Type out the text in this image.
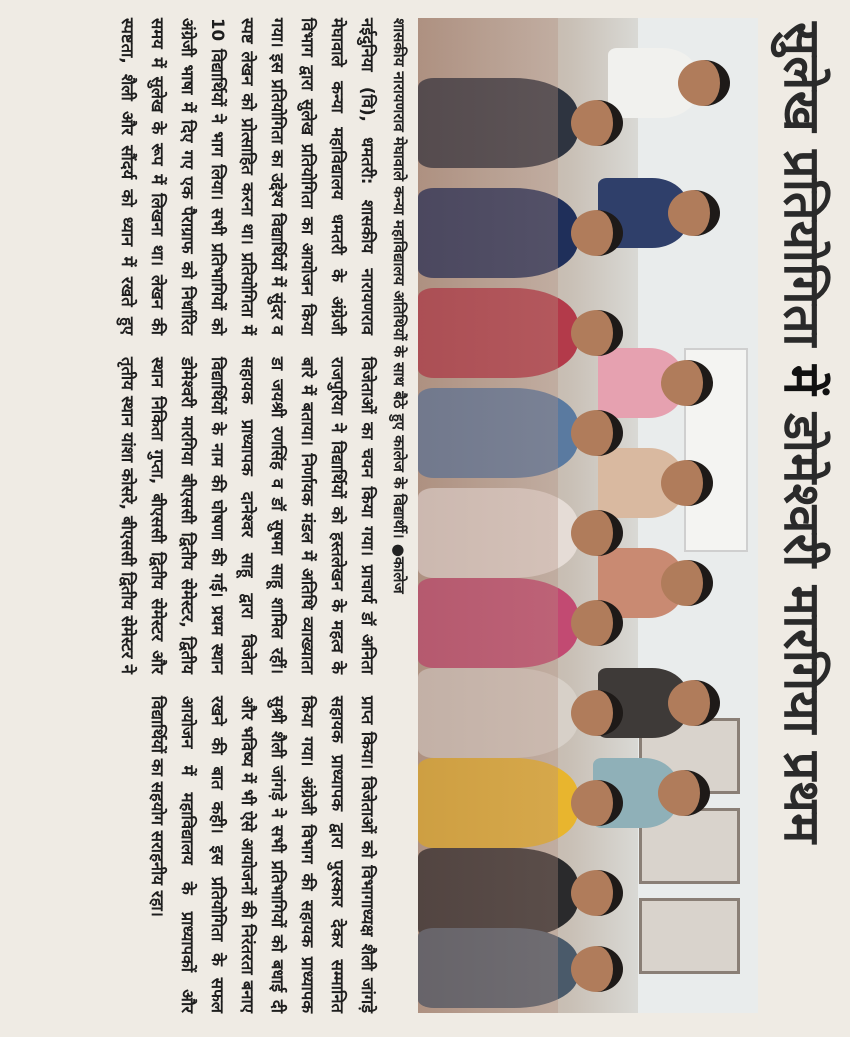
सुलेख प्रतियोगिता में डोमेश्वरी मारगिया प्रथम
शासकीय नारायणराव मेघावाले कन्या महाविद्यालय अतिथियों के साथ बैठे हुए कालेज के विद्यार्थी। ●कालेज

नईदुनिया (वि), धमतरी: शासकीय नारायणराव मेघावाले कन्या महाविद्यालय धमतरी के अंग्रेजी विभाग द्वारा सुलेख प्रतियोगिता का आयोजन किया गया। इस प्रतियोगिता का उद्देश्य विद्यार्थियों में सुंदर व स्पष्ट लेखन को प्रोत्साहित करना था। प्रतियोगिता में 10 विद्यार्थियों ने भाग लिया। सभी प्रतिभागियों को अंग्रेजी भाषा में दिए गए एक पैराग्राफ को निर्धारित समय में सुलेख के रूप में लिखना था। लेखन की स्पष्टता, शैली और सौंदर्य को ध्यान में रखते हुए विजेताओं का चयन किया गया। प्राचार्य डॉ अनिता राजपुरिया ने विद्यार्थियों को हस्तलेखन के महत्व के बारे में बताया। निर्णायक मंडल में अतिथि व्याख्याता डा जयश्री रणसिंह व डॉ सुषमा साहू शामिल रहीं। सहायक प्राध्यापक दानेश्वर साहू द्वारा विजेता विद्यार्थियों के नाम की घोषणा की गई। प्रथम स्थान डोमेश्वरी मारगिया बीएससी द्वितीय सेमेस्टर, द्वितीय स्थान निकिता गुप्ता, बीएससी द्वितीय सेमेस्टर और तृतीय स्थान यांशा कोसरे, बीएससी द्वितीय सेमेस्टर ने प्राप्त किया। विजेताओं को विभागाध्यक्ष शैली जांगड़े सहायक प्राध्यापक द्वारा पुरस्कार देकर सम्मानित किया गया। अंग्रेजी विभाग की सहायक प्राध्यापक सुश्री शैली जांगड़े ने सभी प्रतिभागियों को बधाई दी और भविष्य में भी ऐसे आयोजनों की निरंतरता बनाए रखने की बात कही। इस प्रतियोगिता के सफल आयोजन में महाविद्यालय के प्राध्यापकों और विद्यार्थियों का सहयोग सराहनीय रहा।
